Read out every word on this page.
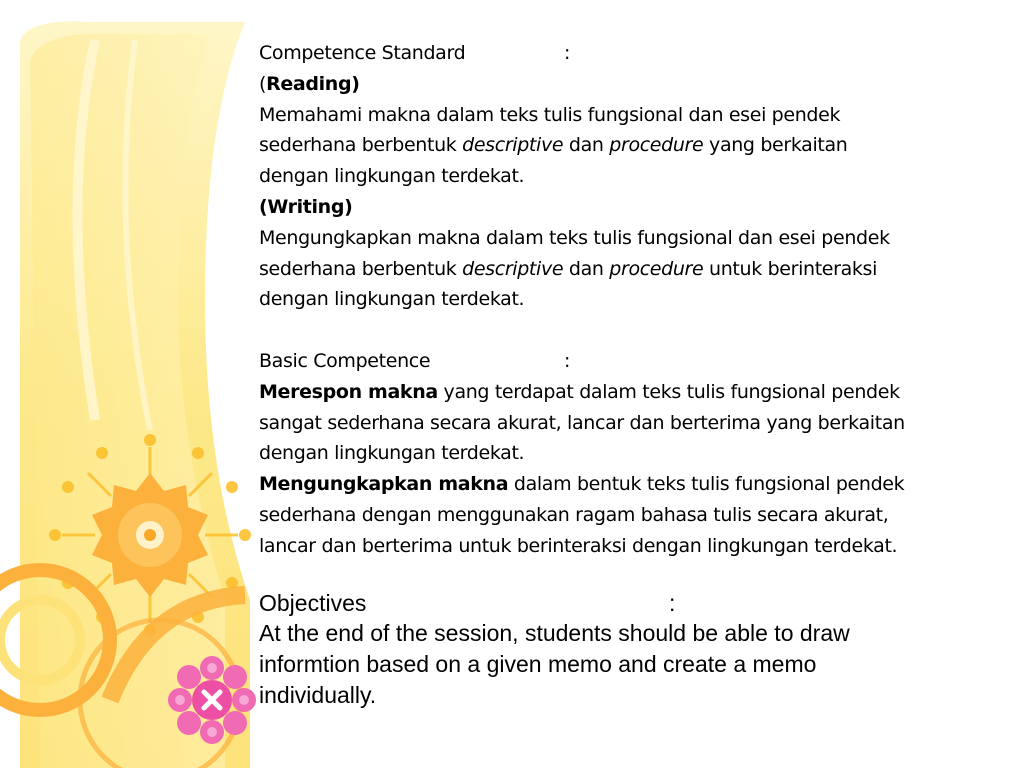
Competence Standard	:
(Reading)
Memahami makna dalam teks tulis fungsional dan esei pendek
sederhana berbentuk descriptive dan procedure yang berkaitan
dengan lingkungan terdekat.
(Writing)
Mengungkapkan makna dalam teks tulis fungsional dan esei pendek
sederhana berbentuk descriptive dan procedure untuk berinteraksi
dengan lingkungan terdekat.
Basic Competence	:
Merespon makna yang terdapat dalam teks tulis fungsional pendek
sangat sederhana secara akurat, lancar dan berterima yang berkaitan
dengan lingkungan terdekat.
Mengungkapkan makna dalam bentuk teks tulis fungsional pendek
sederhana dengan menggunakan ragam bahasa tulis secara akurat,
lancar dan berterima untuk berinteraksi dengan lingkungan terdekat.
Objectives	:
At the end of the session, students should be able to draw
informtion based on a given memo and create a memo
individually.
